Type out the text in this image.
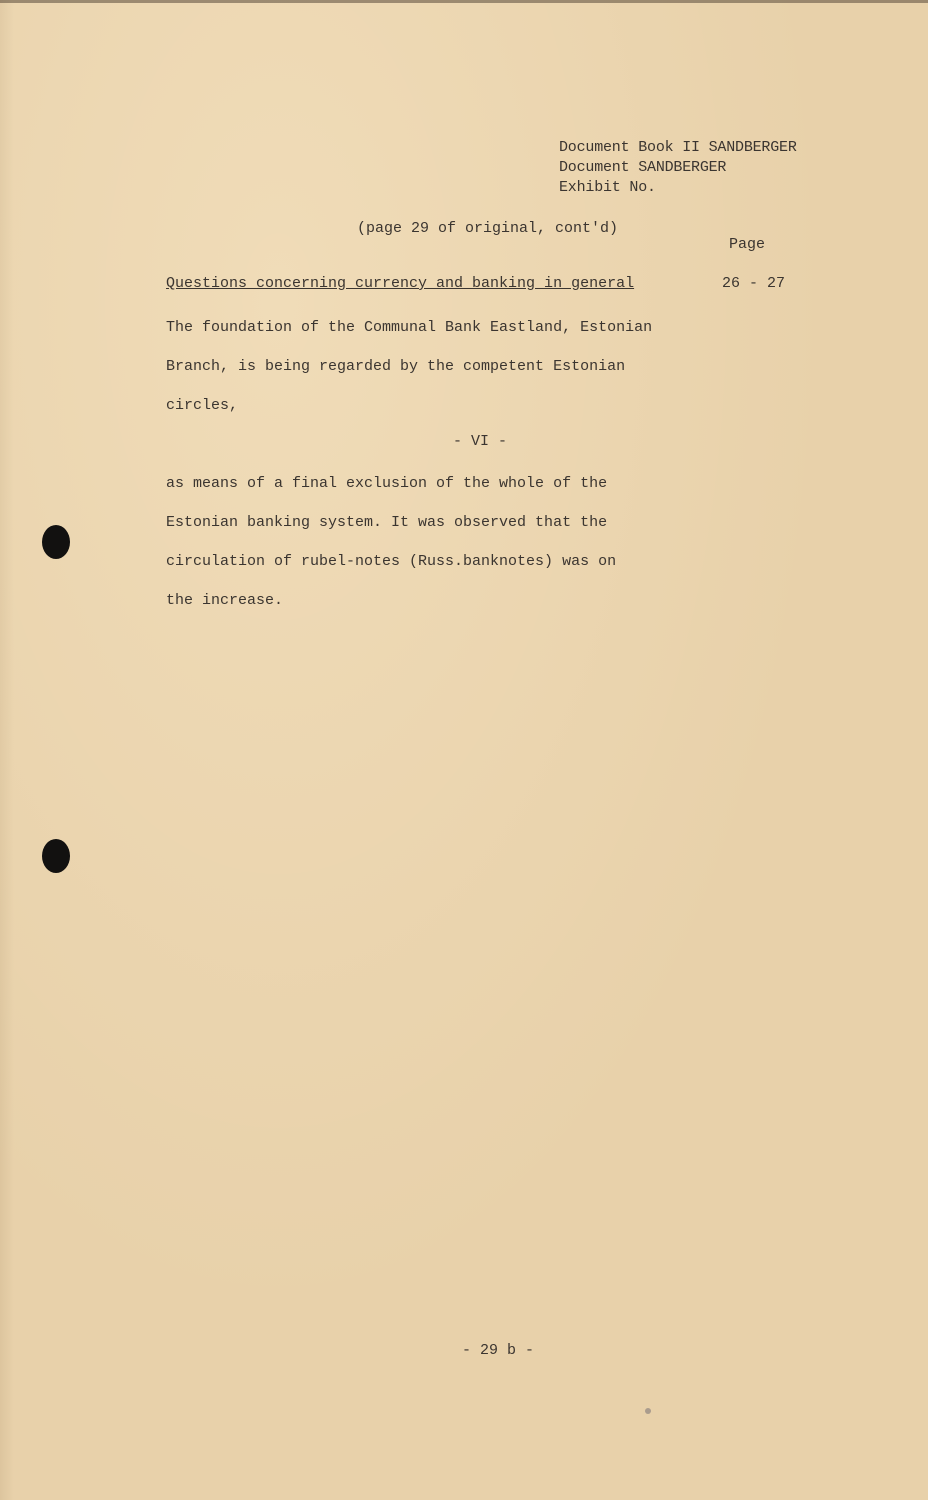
Document Book II SANDBERGER
Document SANDBERGER
Exhibit No.
(page 29 of original, cont'd)
Page
Questions concerning currency and banking in general	26 - 27
The foundation of the Communal Bank Eastland, Estonian
Branch, is being regarded by the competent Estonian
circles,
- VI -
as means of a final exclusion of the whole of the
Estonian banking system. It was observed that the
circulation of rubel-notes (Russ.banknotes) was on
the increase.
- 29 b -
